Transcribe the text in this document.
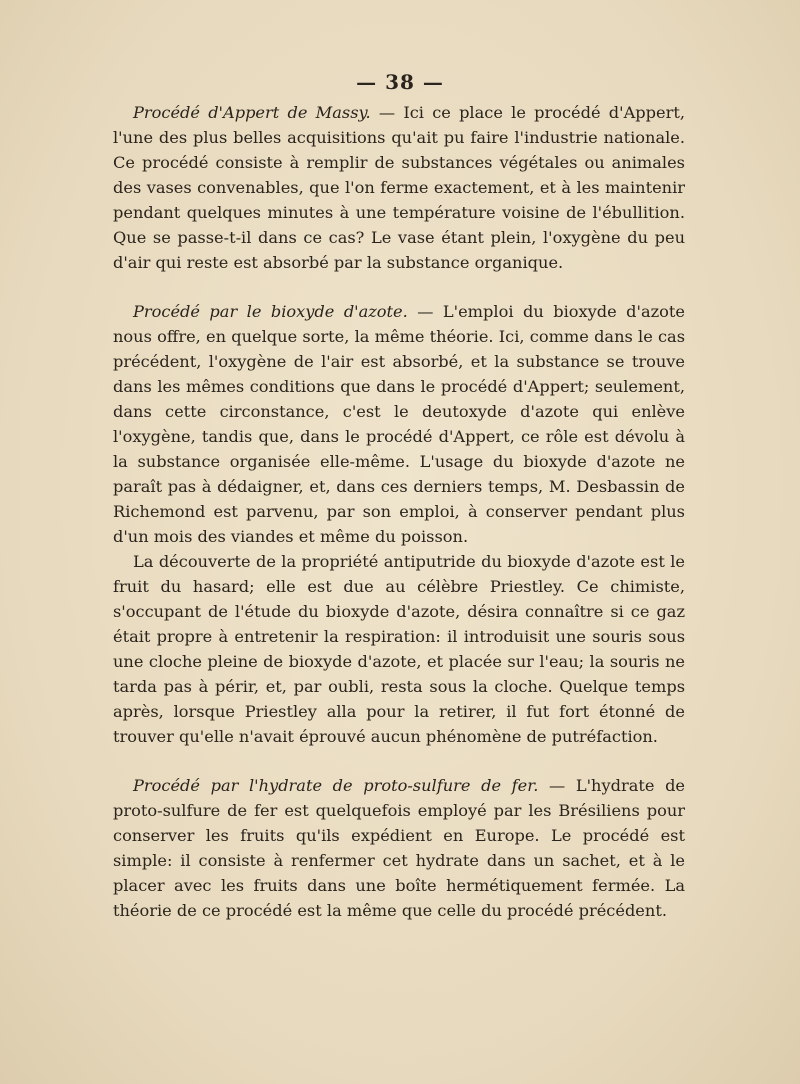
— 38 —

Procédé d'Appert de Massy. — Ici ce place le procédé d'Appert, l'une des plus belles acquisitions qu'ait pu faire l'industrie nationale. Ce procédé consiste à remplir de substances végétales ou animales des vases convenables, que l'on ferme exactement, et à les maintenir pendant quelques minutes à une température voisine de l'ébullition. Que se passe-t-il dans ce cas? Le vase étant plein, l'oxygène du peu d'air qui reste est absorbé par la substance organique.

Procédé par le bioxyde d'azote. — L'emploi du bioxyde d'azote nous offre, en quelque sorte, la même théorie. Ici, comme dans le cas précédent, l'oxygène de l'air est absorbé, et la substance se trouve dans les mêmes conditions que dans le procédé d'Appert; seulement, dans cette circonstance, c'est le deutoxyde d'azote qui enlève l'oxygène, tandis que, dans le procédé d'Appert, ce rôle est dévolu à la substance organisée elle-même. L'usage du bioxyde d'azote ne paraît pas à dédaigner, et, dans ces derniers temps, M. Desbassin de Richemond est parvenu, par son emploi, à conserver pendant plus d'un mois des viandes et même du poisson.

La découverte de la propriété antiputride du bioxyde d'azote est le fruit du hasard; elle est due au célèbre Priestley. Ce chimiste, s'occupant de l'étude du bioxyde d'azote, désira connaître si ce gaz était propre à entretenir la respiration: il introduisit une souris sous une cloche pleine de bioxyde d'azote, et placée sur l'eau; la souris ne tarda pas à périr, et, par oubli, resta sous la cloche. Quelque temps après, lorsque Priestley alla pour la retirer, il fut fort étonné de trouver qu'elle n'avait éprouvé aucun phénomène de putréfaction.

Procédé par l'hydrate de proto-sulfure de fer. — L'hydrate de proto-sulfure de fer est quelquefois employé par les Brésiliens pour conserver les fruits qu'ils expédient en Europe. Le procédé est simple: il consiste à renfermer cet hydrate dans un sachet, et à le placer avec les fruits dans une boîte hermétiquement fermée. La théorie de ce procédé est la même que celle du procédé précédent.
